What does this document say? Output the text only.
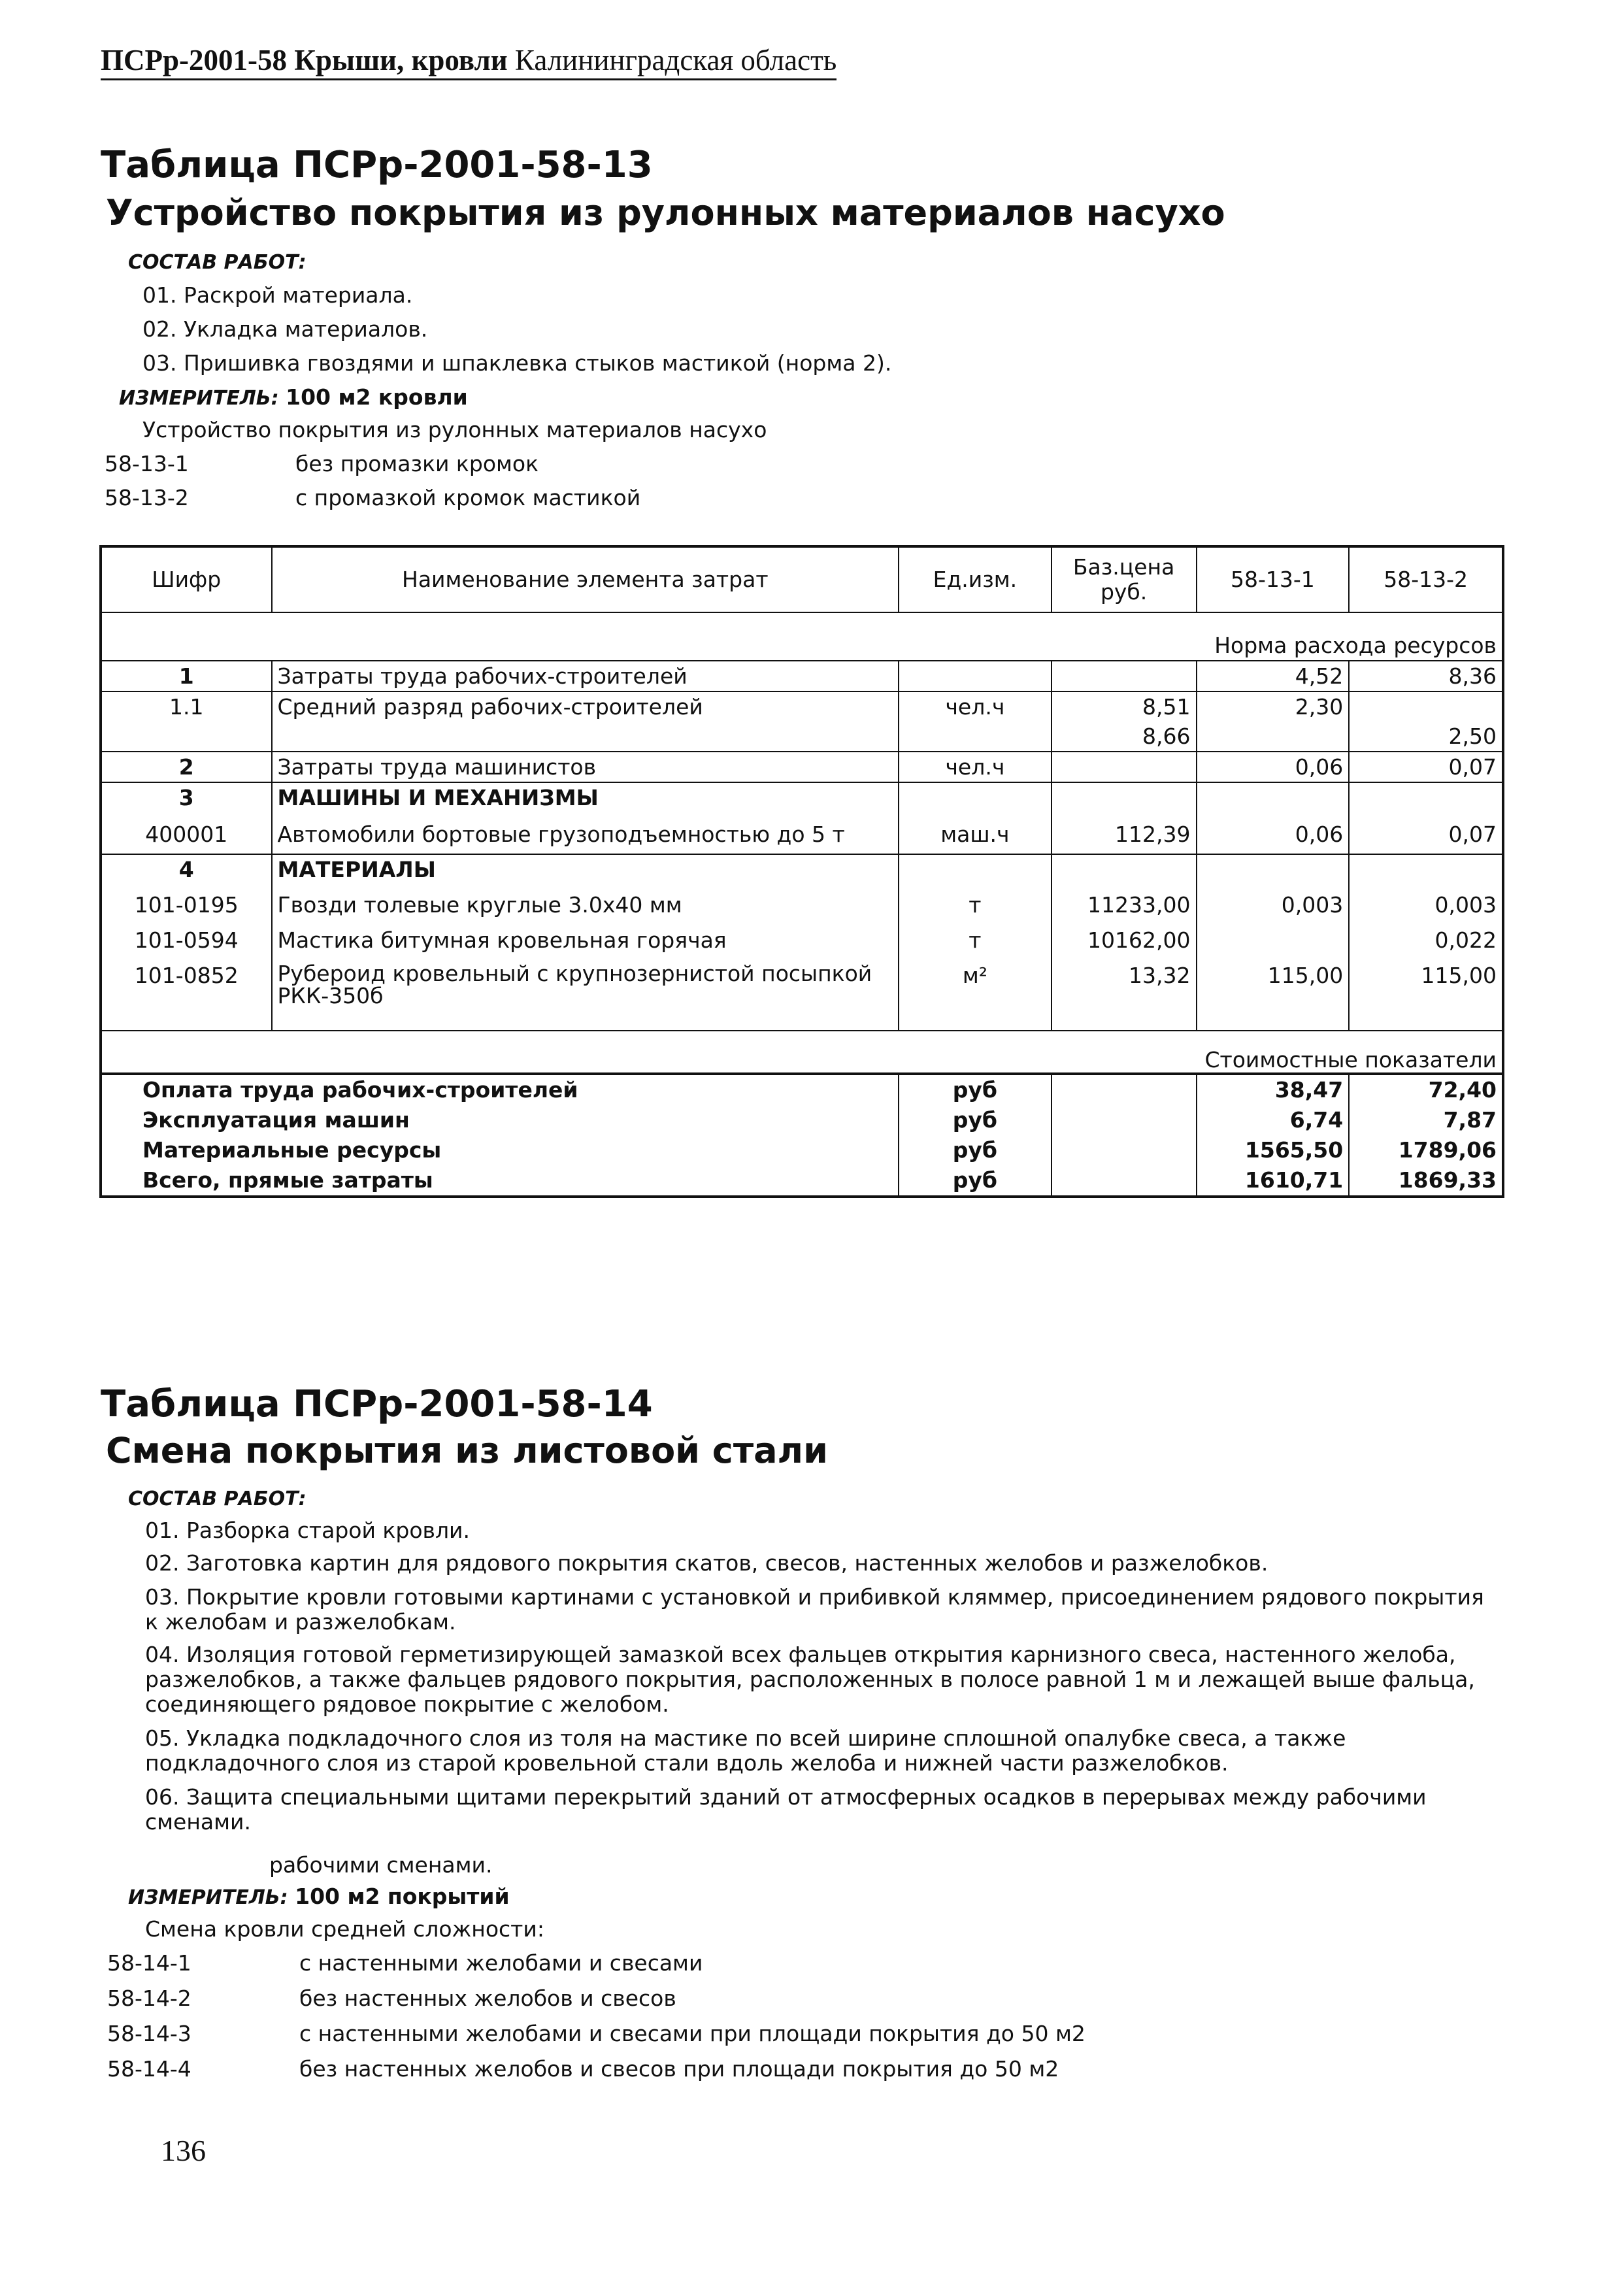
ПСРр-2001-58 Крыши, кровли Калининградская область
Таблица ПСРр-2001-58-13
Устройство покрытия из рулонных материалов насухо
СОСТАВ РАБОТ:
01. Раскрой материала.
02. Укладка материалов.
03. Пришивка гвоздями и шпаклевка стыков мастикой (норма 2).
ИЗМЕРИТЕЛЬ: 100 м2 кровли
Устройство покрытия из рулонных материалов насухо
58-13-1	без промазки кромок
58-13-2	с промазкой кромок мастикой
Шифр	Наименование элемента затрат	Ед.изм.	Баз.цена руб.	58-13-1	58-13-2
Норма расхода ресурсов					
1	Затраты труда рабочих-строителей			4,52	8,36
1.1	Средний разряд рабочих-строителей	чел.ч	8,51	2,30	
			8,66		2,50
2	Затраты труда машинистов	чел.ч		0,06	0,07
3	МАШИНЫ И МЕХАНИЗМЫ				
400001	Автомобили бортовые грузоподъемностью до 5 т	маш.ч	112,39	0,06	0,07
4	МАТЕРИАЛЫ				
101-0195	Гвозди толевые круглые 3.0х40 мм	т	11233,00	0,003	0,003
101-0594	Мастика битумная кровельная горячая	т	10162,00		0,022
101-0852	Рубероид кровельный с крупнозернистой посыпкой РКК-350б	м²	13,32	115,00	115,00
Стоимостные показатели					
Оплата труда рабочих-строителей		руб		38,47	72,40
Эксплуатация машин		руб		6,74	7,87
Материальные ресурсы		руб		1565,50	1789,06
Всего, прямые затраты		руб		1610,71	1869,33
Таблица ПСРр-2001-58-14
Смена покрытия из листовой стали
СОСТАВ РАБОТ:
01. Разборка старой кровли.
02. Заготовка картин для рядового покрытия скатов, свесов, настенных желобов и разжелобков.
03. Покрытие кровли готовыми картинами с установкой и прибивкой кляммер, присоединением рядового покрытия
к желобам и разжелобкам.
04. Изоляция готовой герметизирующей замазкой всех фальцев открытия карнизного свеса, настенного желоба,
разжелобков, а также фальцев рядового покрытия, расположенных в полосе равной 1 м и лежащей выше фальца,
соединяющего рядовое покрытие с желобом.
05. Укладка подкладочного слоя из толя на мастике по всей ширине сплошной опалубке свеса, а также
подкладочного слоя из старой кровельной стали вдоль желоба и нижней части разжелобков.
06. Защита специальными щитами перекрытий зданий от атмосферных осадков в перерывах между рабочими
сменами.
рабочими сменами.
ИЗМЕРИТЕЛЬ: 100 м2 покрытий
Смена кровли средней сложности:
58-14-1	с настенными желобами и свесами
58-14-2	без настенных желобов и свесов
58-14-3	с настенными желобами и свесами при площади покрытия до 50 м2
58-14-4	без настенных желобов и свесов при площади покрытия до 50 м2
136
